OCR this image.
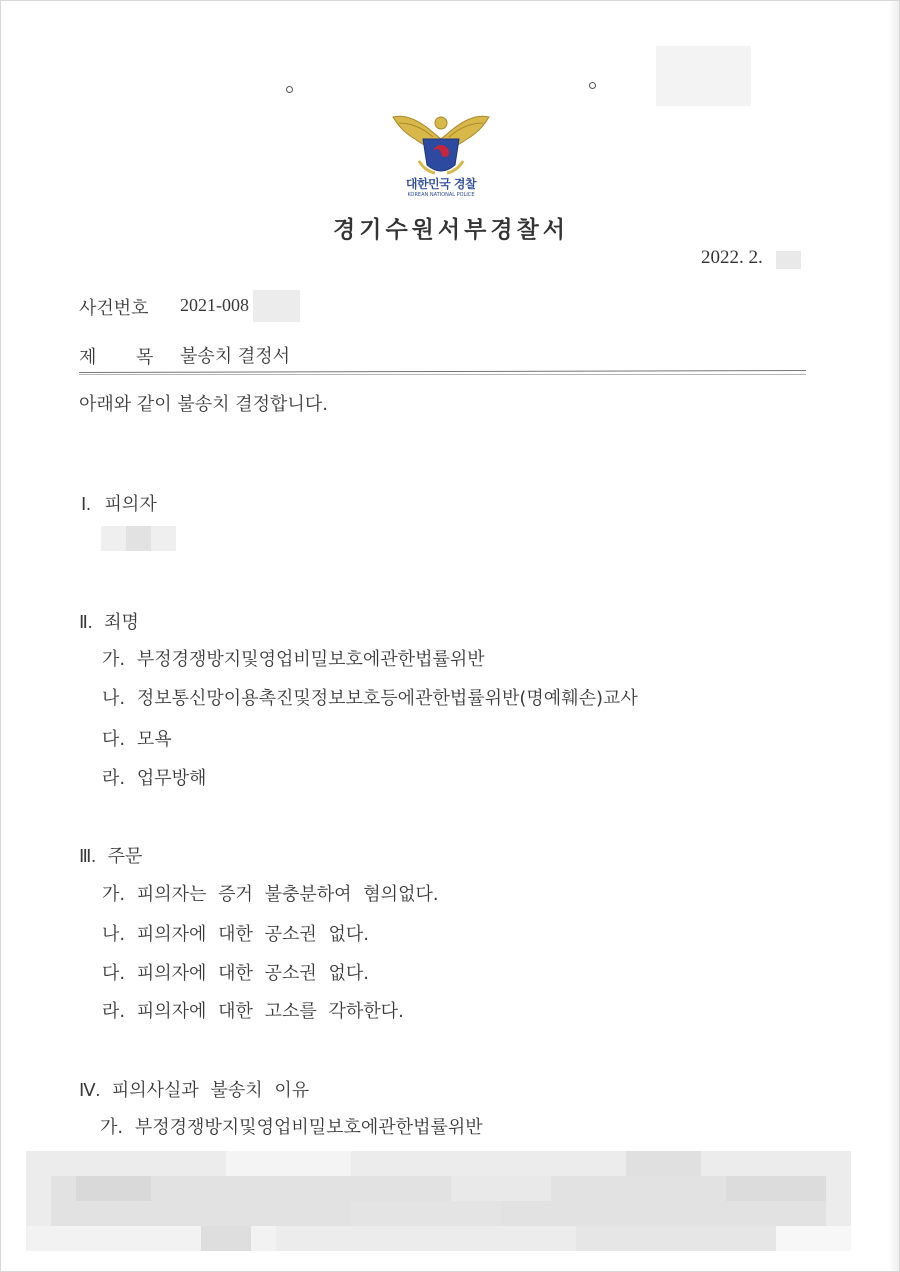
대한민국 경찰
KOREAN NATIONAL POLICE
경기수원서부경찰서
2022. 2.
사건번호 2021-008
제 목 불송치 결정서
아래와 같이 불송치 결정합니다.
Ⅰ. 피의자
Ⅱ. 죄명
가. 부정경쟁방지및영업비밀보호에관한법률위반
나. 정보통신망이용촉진및정보보호등에관한법률위반(명예훼손)교사
다. 모욕
라. 업무방해
Ⅲ. 주문
가. 피의자는 증거 불충분하여 혐의없다.
나. 피의자에 대한 공소권 없다.
다. 피의자에 대한 공소권 없다.
라. 피의자에 대한 고소를 각하한다.
Ⅳ. 피의사실과 불송치 이유
가. 부정경쟁방지및영업비밀보호에관한법률위반
